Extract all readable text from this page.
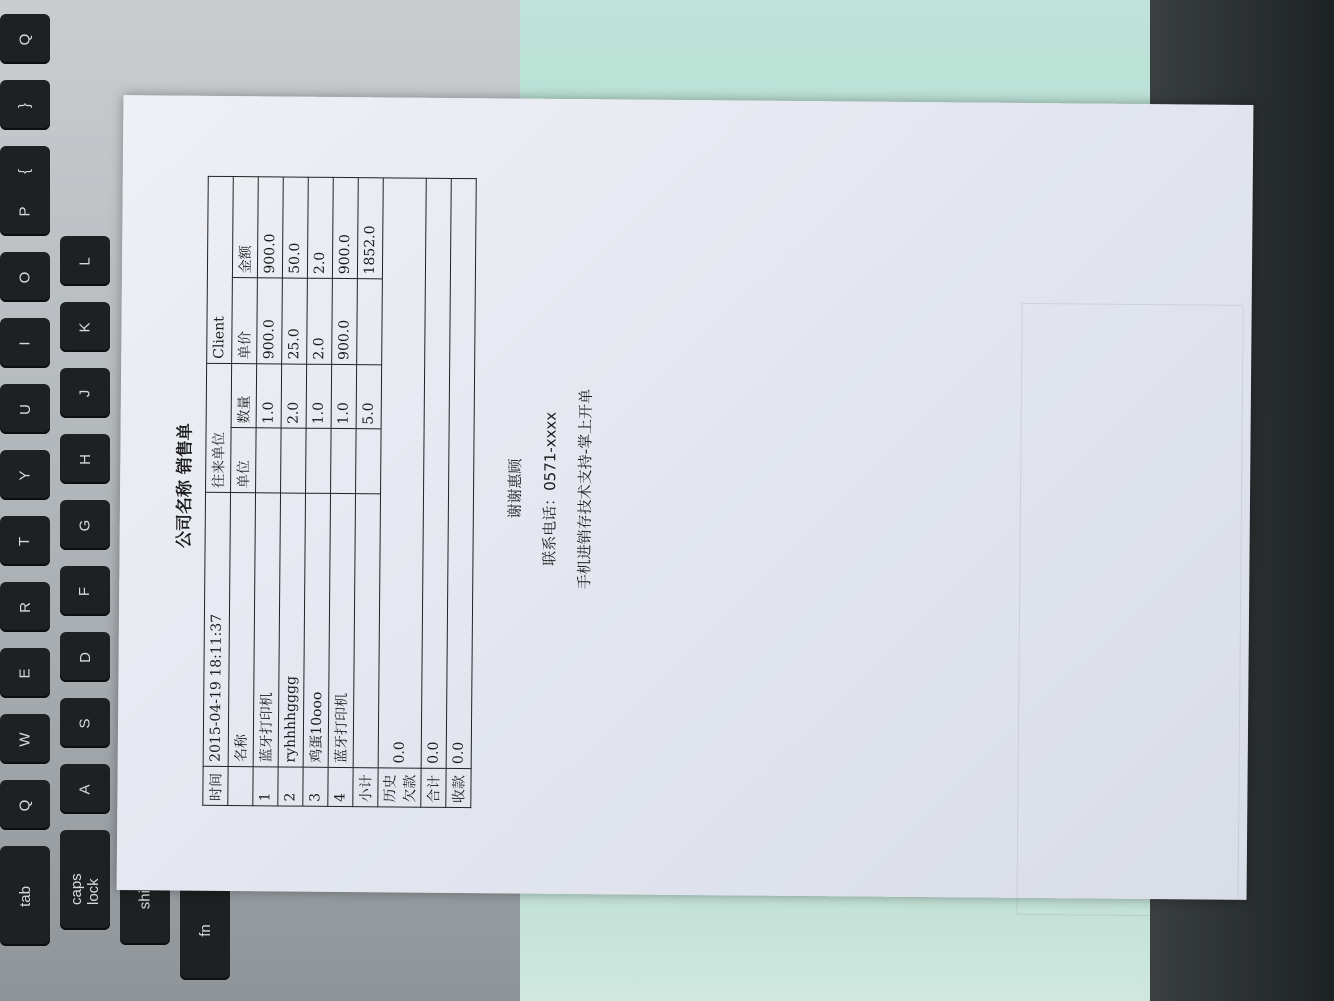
Q
}
{
P
O
I
U
Y
T
R
E
W
Q
tab
L
K
J
H
G
F
D
S
A
caps lock shift
fn
公司名称 销售单
时间	2015-04-19 18:11:37	往来单位		Client	
	名称	单位	数量	单价	金额
1	蓝牙打印机		1.0	900.0	900.0
2	ryhhhhgggg		2.0	25.0	50.0
3	鸡蛋10ooo		1.0	2.0	2.0
4	蓝牙打印机		1.0	900.0	900.0
小计			5.0		1852.0
历史欠款	0.0				
合计	0.0				
收款	0.0				
谢谢惠顾 联系电话：0571-xxxx 手机进销存技术支持-掌上开单
